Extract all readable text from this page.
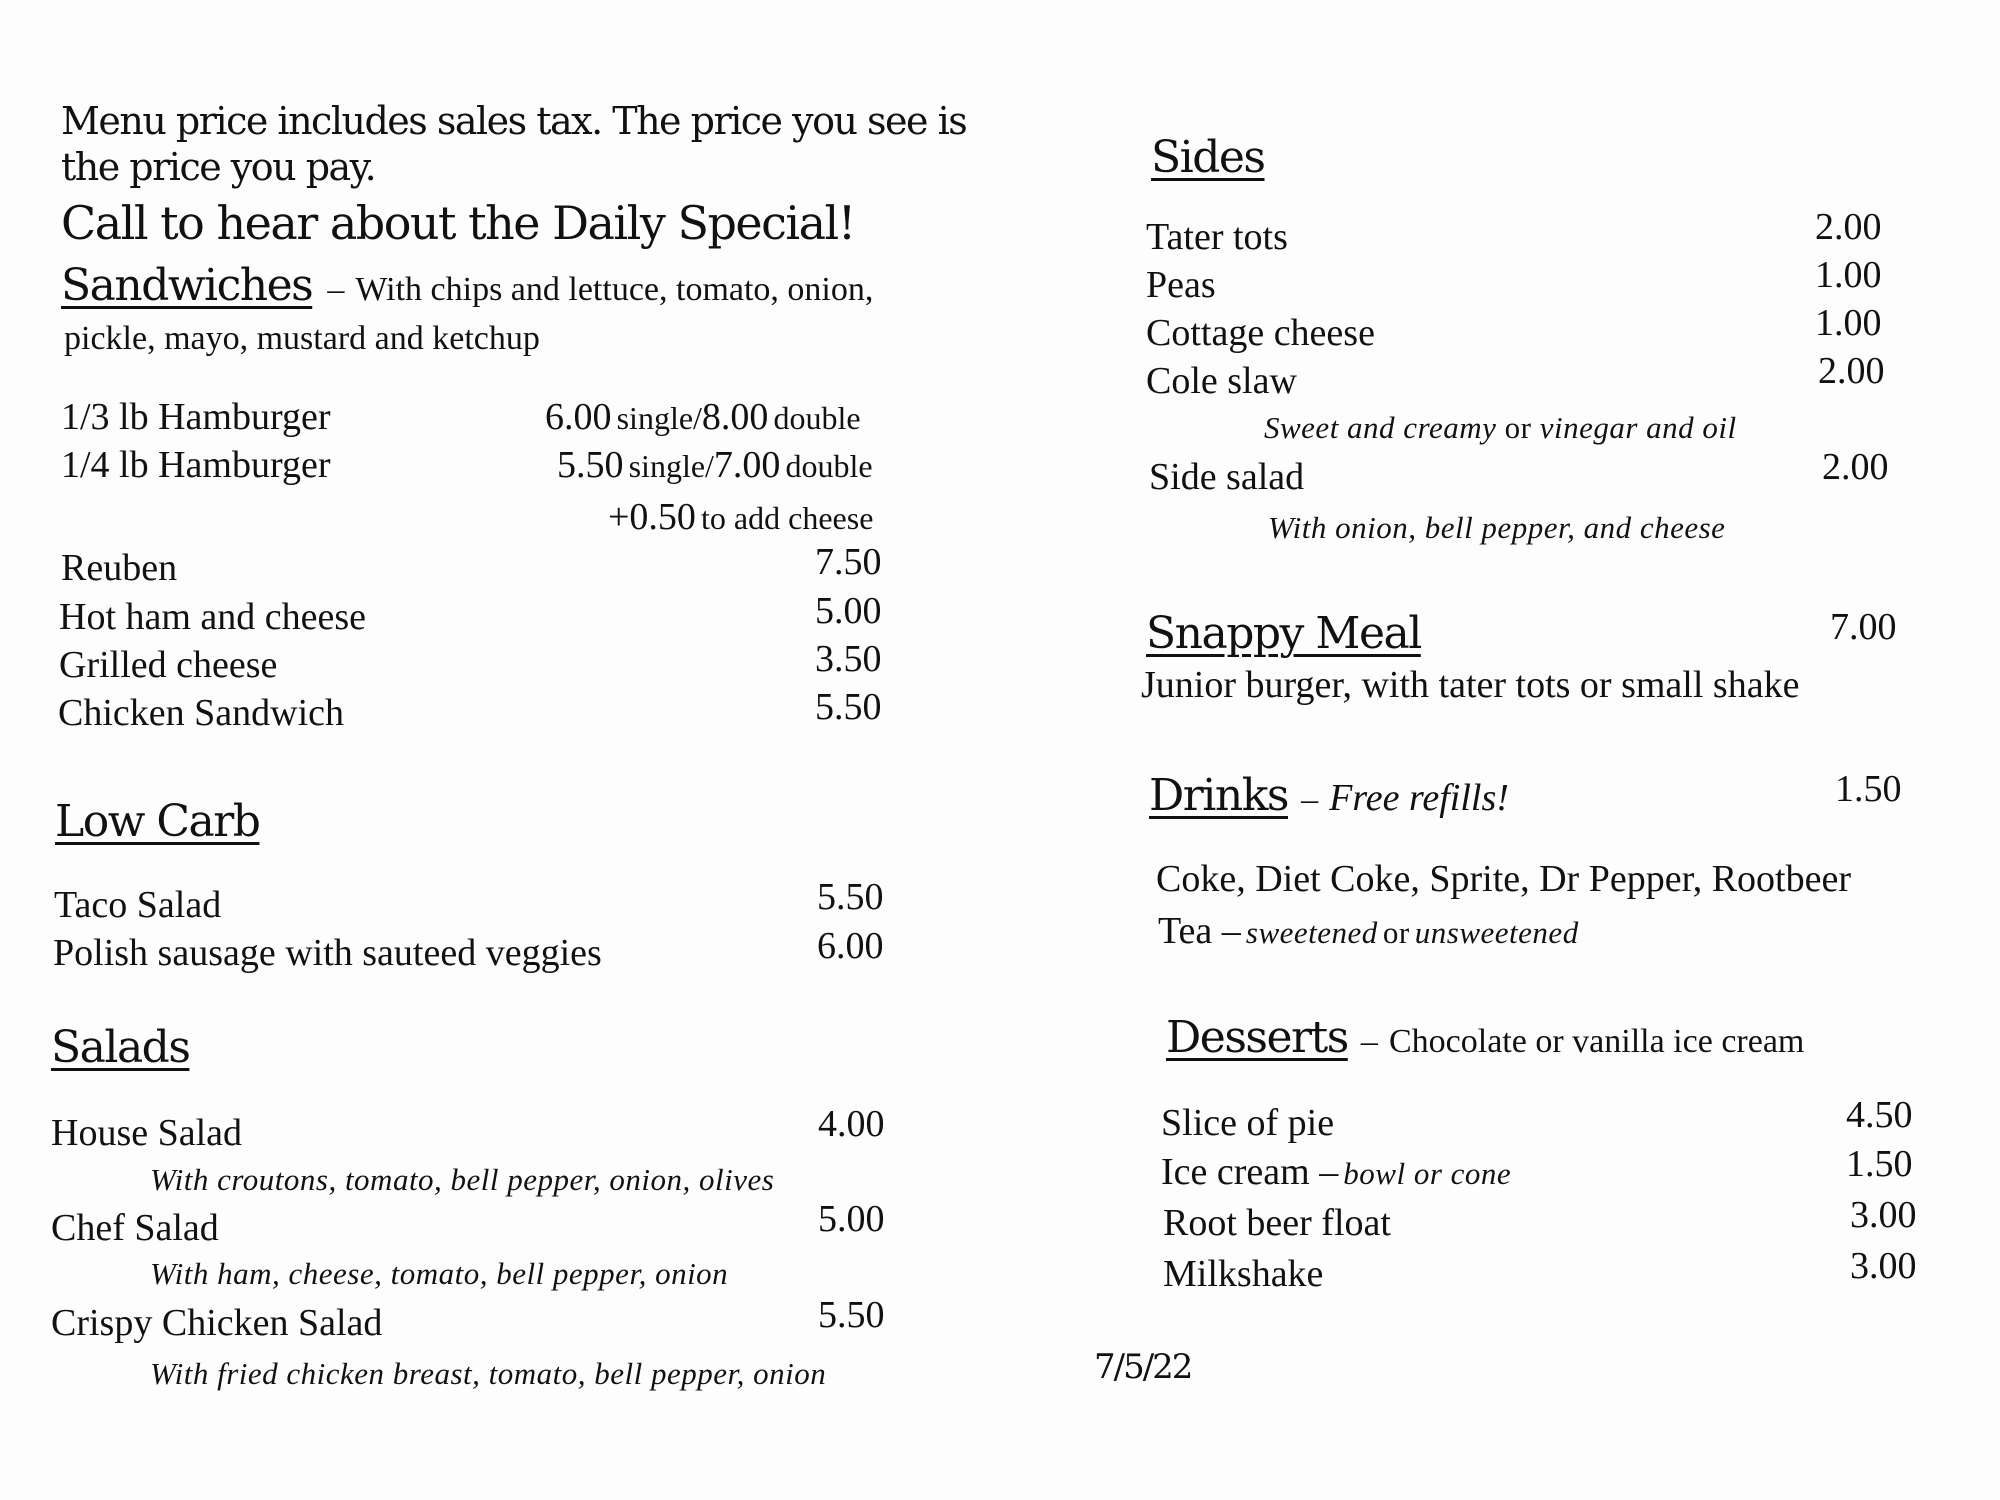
Menu price includes sales tax. The price you see is
the price you pay.
Call to hear about the Daily Special!
Sandwiches – With chips and lettuce, tomato, onion,
pickle, mayo, mustard and ketchup
1/3 lb Hamburger	6.00 single/8.00 double
1/4 lb Hamburger	5.50 single/7.00 double
+0.50 to add cheese
Reuben	7.50
Hot ham and cheese	5.00
Grilled cheese	3.50
Chicken Sandwich	5.50
Low Carb
Taco Salad	5.50
Polish sausage with sauteed veggies	6.00
Salads
House Salad	4.00
With croutons, tomato, bell pepper, onion, olives
Chef Salad	5.00
With ham, cheese, tomato, bell pepper, onion
Crispy Chicken Salad	5.50
With fried chicken breast, tomato, bell pepper, onion
Sides
Tater tots	2.00
Peas	1.00
Cottage cheese	1.00
Cole slaw	2.00
Sweet and creamy or vinegar and oil
Side salad	2.00
With onion, bell pepper, and cheese
Snappy Meal	7.00
Junior burger, with tater tots or small shake
Drinks – Free refills!	1.50
Coke, Diet Coke, Sprite, Dr Pepper, Rootbeer
Tea – sweetened or unsweetened
Desserts – Chocolate or vanilla ice cream
Slice of pie	4.50
Ice cream – bowl or cone	1.50
Root beer float	3.00
Milkshake	3.00
7/5/22
